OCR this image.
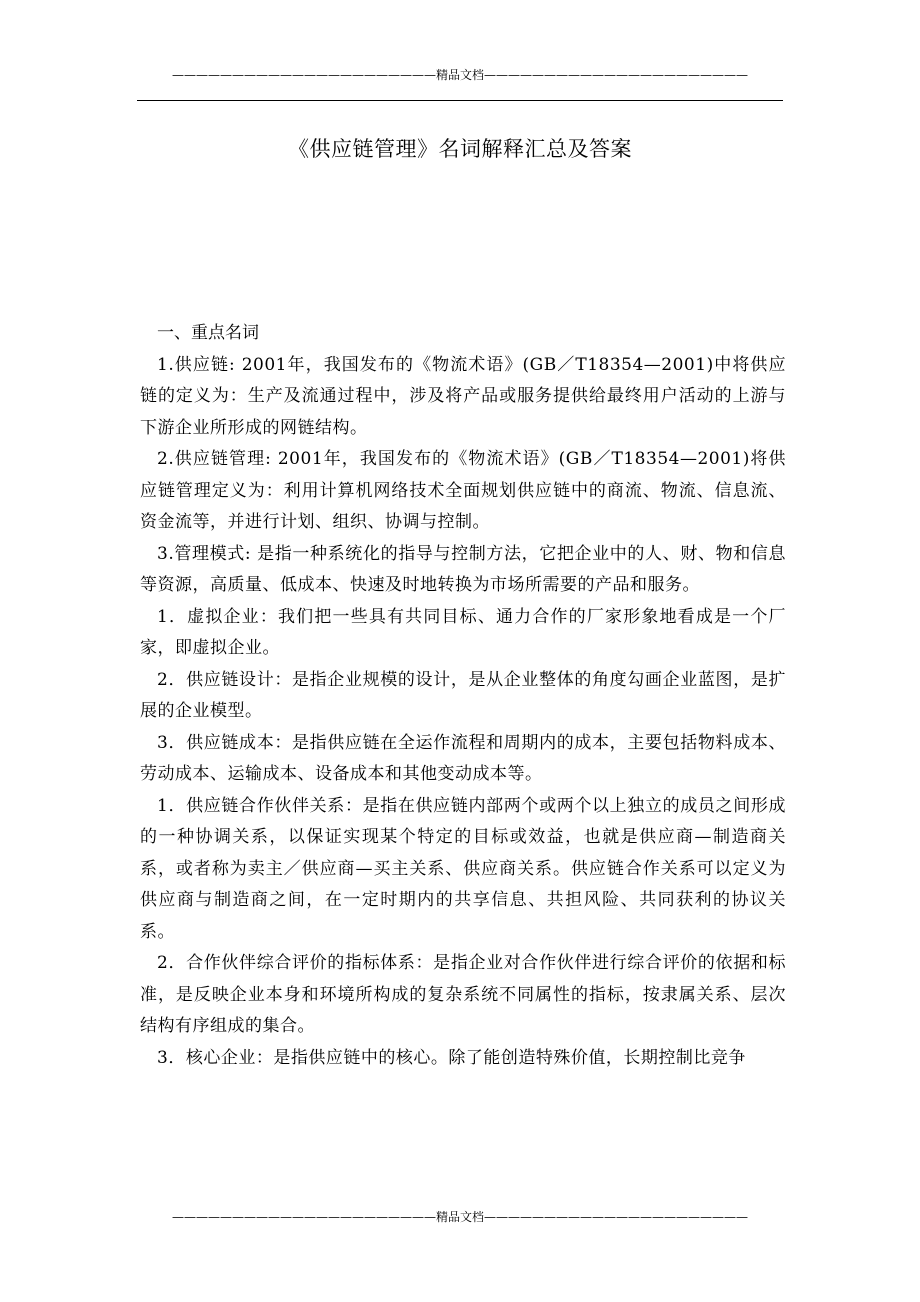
——————————————————————精品文档——————————————————————
《供应链管理》名词解释汇总及答案

一、重点名词

1.供应链: 2001年，我国发布的《物流术语》(GB／T18354—2001)中将供应链的定义为：生产及流通过程中，涉及将产品或服务提供给最终用户活动的上游与下游企业所形成的网链结构。

2.供应链管理: 2001年，我国发布的《物流术语》(GB／T18354—2001)将供应链管理定义为：利用计算机网络技术全面规划供应链中的商流、物流、信息流、资金流等，并进行计划、组织、协调与控制。

3.管理模式: 是指一种系统化的指导与控制方法，它把企业中的人、财、物和信息等资源，高质量、低成本、快速及时地转换为市场所需要的产品和服务。

1．虚拟企业：我们把一些具有共同目标、通力合作的厂家形象地看成是一个厂家，即虚拟企业。

2．供应链设计：是指企业规模的设计，是从企业整体的角度勾画企业蓝图，是扩展的企业模型。

3．供应链成本：是指供应链在全运作流程和周期内的成本，主要包括物料成本、劳动成本、运输成本、设备成本和其他变动成本等。

1．供应链合作伙伴关系：是指在供应链内部两个或两个以上独立的成员之间形成的一种协调关系，以保证实现某个特定的目标或效益，也就是供应商—制造商关系，或者称为卖主／供应商—买主关系、供应商关系。供应链合作关系可以定义为供应商与制造商之间，在一定时期内的共享信息、共担风险、共同获利的协议关系。

2．合作伙伴综合评价的指标体系：是指企业对合作伙伴进行综合评价的依据和标准，是反映企业本身和环境所构成的复杂系统不同属性的指标，按隶属关系、层次结构有序组成的集合。

3．核心企业：是指供应链中的核心。除了能创造特殊价值，长期控制比竞争

——————————————————————精品文档——————————————————————
